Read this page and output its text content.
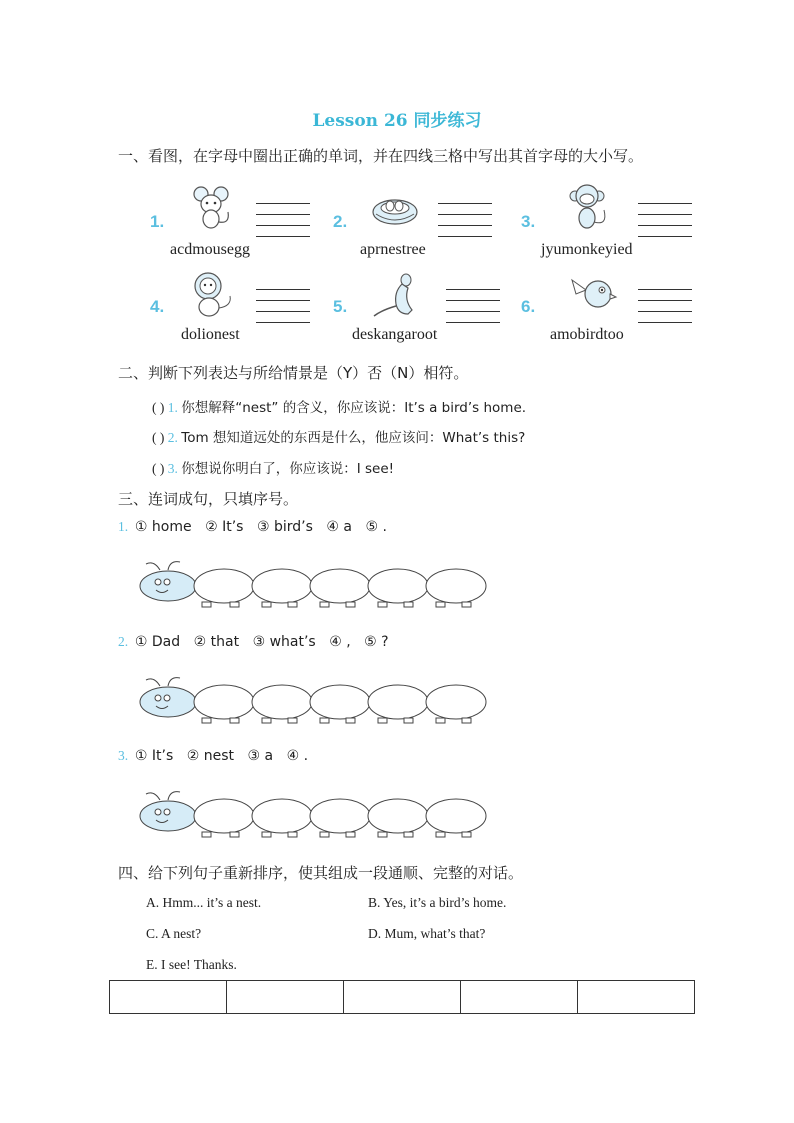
Lesson 26 同步练习
一、看图，在字母中圈出正确的单词，并在四线三格中写出其首字母的大小写。
1.
acdmousegg
2.
aprnestree
3.
jyumonkeyied
4.
dolionest
5.
deskangaroot
6.
amobirdtoo
二、判断下列表达与所给情景是（Y）否（N）相符。
( ) 1. 你想解释“nest” 的含义，你应该说：It’s a bird’s home.
( ) 2. Tom 想知道远处的东西是什么，他应该问：What’s this?
( ) 3. 你想说你明白了，你应该说：I see!
三、连词成句，只填序号。
1. ① home ② It’s ③ bird’s ④ a ⑤ .
2. ① Dad ② that ③ what’s ④ , ⑤ ?
3. ① It’s ② nest ③ a ④ .
四、给下列句子重新排序，使其组成一段通顺、完整的对话。
A. Hmm... it’s a nest.	B. Yes, it’s a bird’s home.
C. A nest?	D. Mum, what’s that?
E. I see! Thanks.
